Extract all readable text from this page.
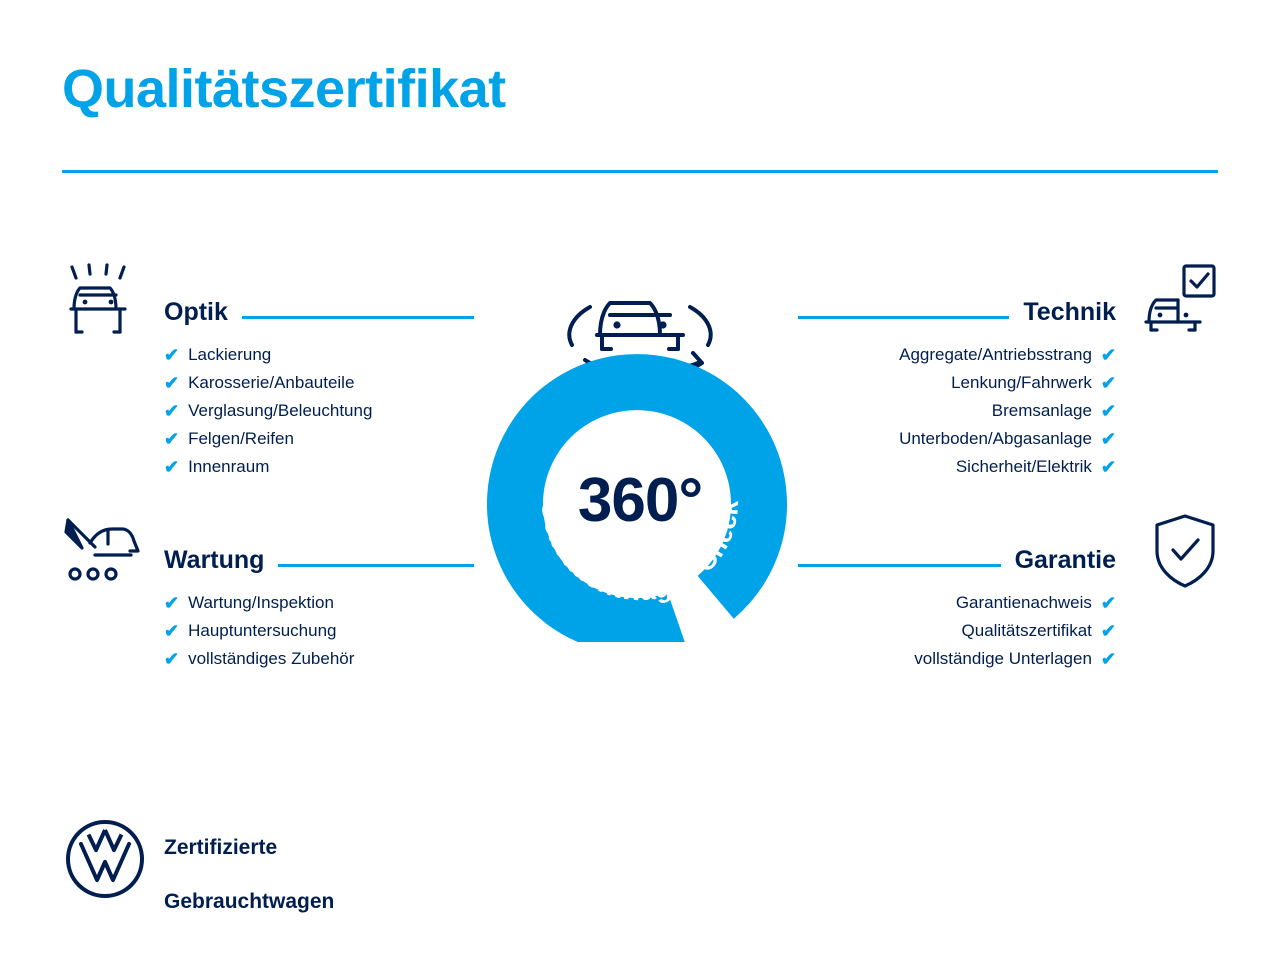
Qualitätszertifikat
Optik
✔ Lackierung
✔ Karosserie/Anbauteile
✔ Verglasung/Beleuchtung
✔ Felgen/Reifen
✔ Innenraum
Wartung
✔ Wartung/Inspektion
✔ Hauptuntersuchung
✔ vollständiges Zubehör
Technik
Aggregate/Antriebsstrang ✔
Lenkung/Fahrwerk ✔
Bremsanlage ✔
Unterboden/Abgasanlage ✔
Sicherheit/Elektrik ✔
Garantie
Garantienachweis ✔
Qualitätszertifikat ✔
vollständige Unterlagen ✔
Gebrauchtwagen-Check
360°

Zertifizierte

Gebrauchtwagen
